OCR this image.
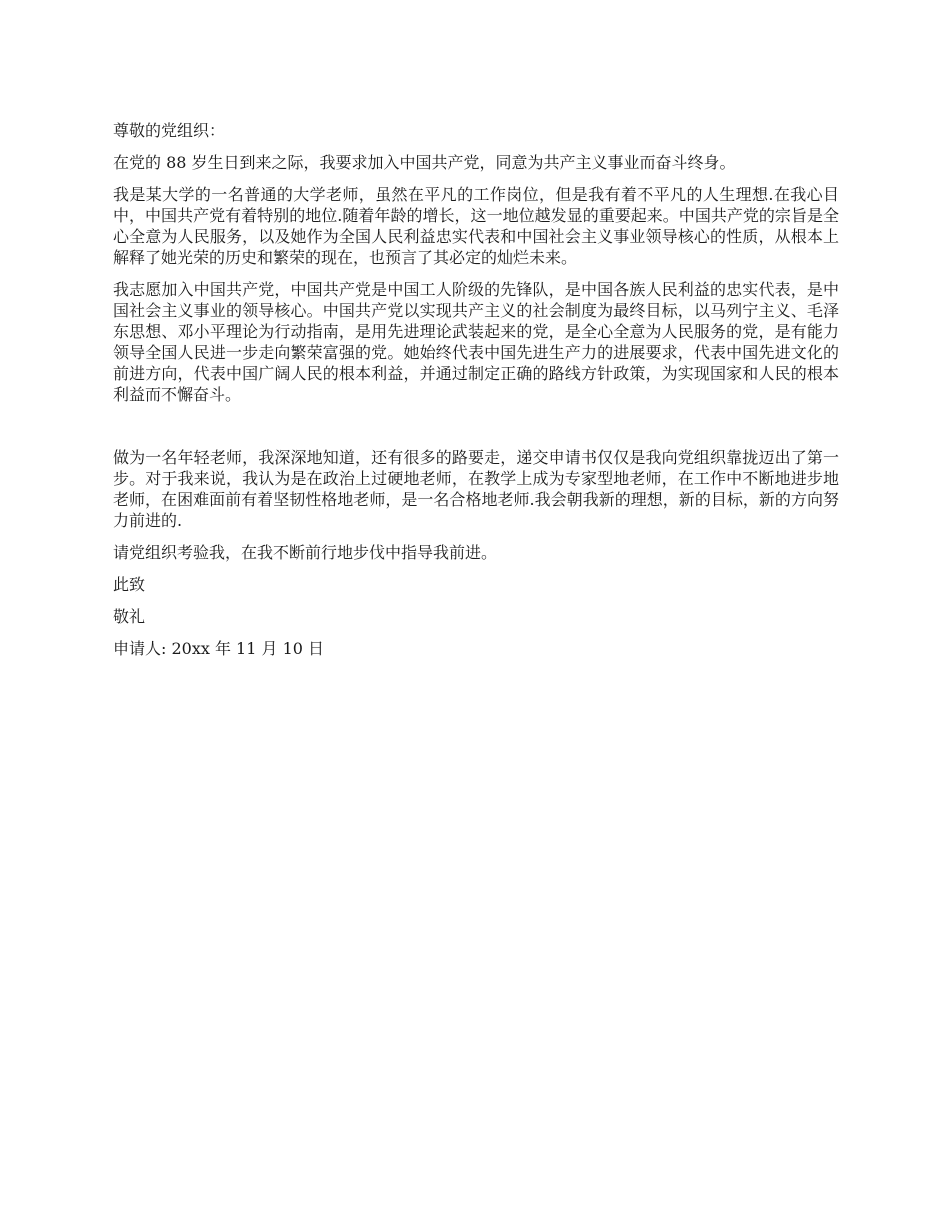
尊敬的党组织：

在党的 88 岁生日到来之际，我要求加入中国共产党，同意为共产主义事业而奋斗终身。

我是某大学的一名普通的大学老师，虽然在平凡的工作岗位，但是我有着不平凡的人生理想.在我心目中，中国共产党有着特别的地位.随着年龄的增长，这一地位越发显的重要起来。中国共产党的宗旨是全心全意为人民服务，以及她作为全国人民利益忠实代表和中国社会主义事业领导核心的性质，从根本上解释了她光荣的历史和繁荣的现在，也预言了其必定的灿烂未来。

我志愿加入中国共产党，中国共产党是中国工人阶级的先锋队，是中国各族人民利益的忠实代表，是中国社会主义事业的领导核心。中国共产党以实现共产主义的社会制度为最终目标，以马列宁主义、毛泽东思想、邓小平理论为行动指南，是用先进理论武装起来的党，是全心全意为人民服务的党，是有能力领导全国人民进一步走向繁荣富强的党。她始终代表中国先进生产力的进展要求，代表中国先进文化的前进方向，代表中国广阔人民的根本利益，并通过制定正确的路线方针政策，为实现国家和人民的根本利益而不懈奋斗。

做为一名年轻老师，我深深地知道，还有很多的路要走，递交申请书仅仅是我向党组织靠拢迈出了第一步。对于我来说，我认为是在政治上过硬地老师，在教学上成为专家型地老师，在工作中不断地进步地老师，在困难面前有着坚韧性格地老师，是一名合格地老师.我会朝我新的理想，新的目标，新的方向努力前进的.

请党组织考验我，在我不断前行地步伐中指导我前进。

此致

敬礼

申请人: 20xx 年 11 月 10 日
